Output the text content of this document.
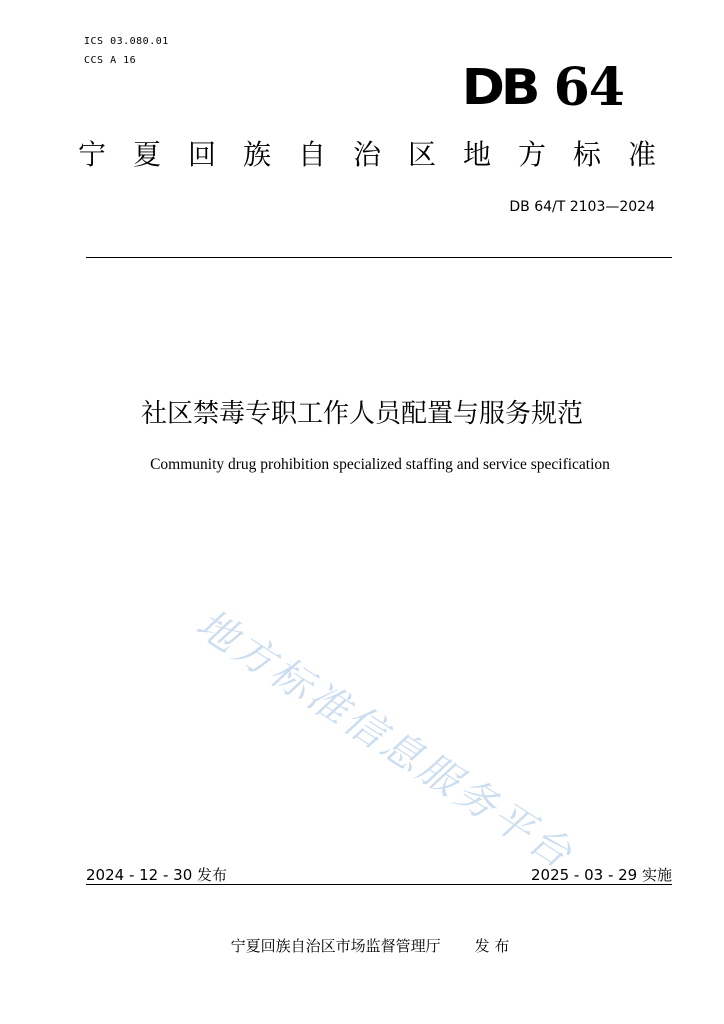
ICS 03.080.01
CCS A 16	DB 64
宁夏回族自治区地方标准
DB 64/T 2103—2024
社区禁毒专职工作人员配置与服务规范
Community drug prohibition specialized staffing and service specification
地方标准信息服务平台
2024 - 12 - 30 发布	2025 - 03 - 29 实施
宁夏回族自治区市场监督管理厅 发 布
